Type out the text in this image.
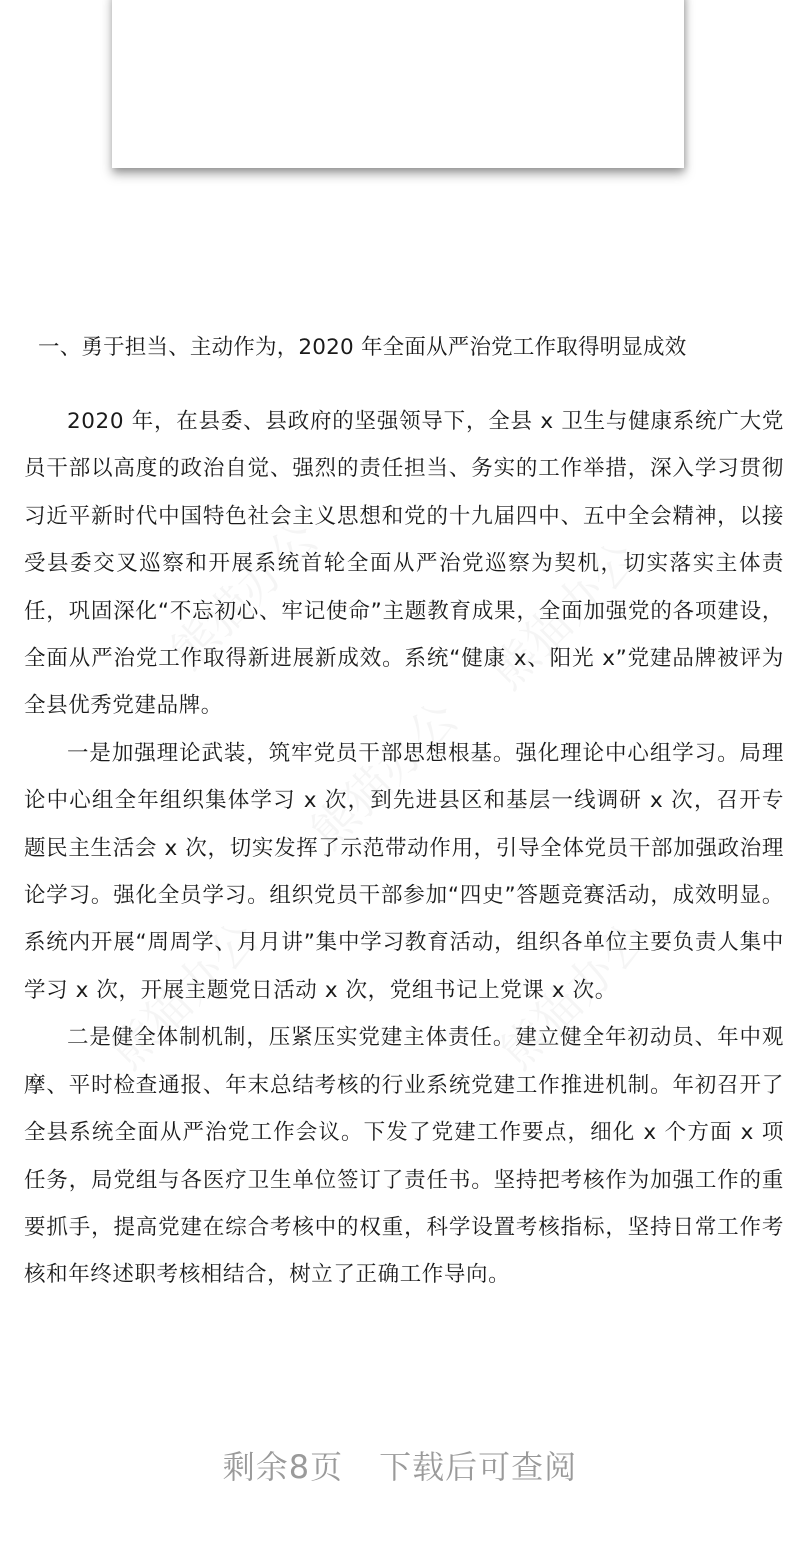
一、勇于担当、主动作为，2020 年全面从严治党工作取得明显成效

2020 年，在县委、县政府的坚强领导下，全县 x 卫生与健康系统广大党员干部以高度的政治自觉、强烈的责任担当、务实的工作举措，深入学习贯彻习近平新时代中国特色社会主义思想和党的十九届四中、五中全会精神，以接受县委交叉巡察和开展系统首轮全面从严治党巡察为契机，切实落实主体责任，巩固深化“不忘初心、牢记使命”主题教育成果，全面加强党的各项建设，全面从严治党工作取得新进展新成效。系统“健康 x、阳光 x”党建品牌被评为全县优秀党建品牌。

一是加强理论武装，筑牢党员干部思想根基。强化理论中心组学习。局理论中心组全年组织集体学习 x 次，到先进县区和基层一线调研 x 次，召开专题民主生活会 x 次，切实发挥了示范带动作用，引导全体党员干部加强政治理论学习。强化全员学习。组织党员干部参加“四史”答题竞赛活动，成效明显。系统内开展“周周学、月月讲”集中学习教育活动，组织各单位主要负责人集中学习 x 次，开展主题党日活动 x 次，党组书记上党课 x 次。

二是健全体制机制，压紧压实党建主体责任。建立健全年初动员、年中观摩、平时检查通报、年末总结考核的行业系统党建工作推进机制。年初召开了全县系统全面从严治党工作会议。下发了党建工作要点，细化 x 个方面 x 项任务，局党组与各医疗卫生单位签订了责任书。坚持把考核作为加强工作的重要抓手，提高党建在综合考核中的权重，科学设置考核指标，坚持日常工作考核和年终述职考核相结合，树立了正确工作导向。

剩余8页 下载后可查阅
